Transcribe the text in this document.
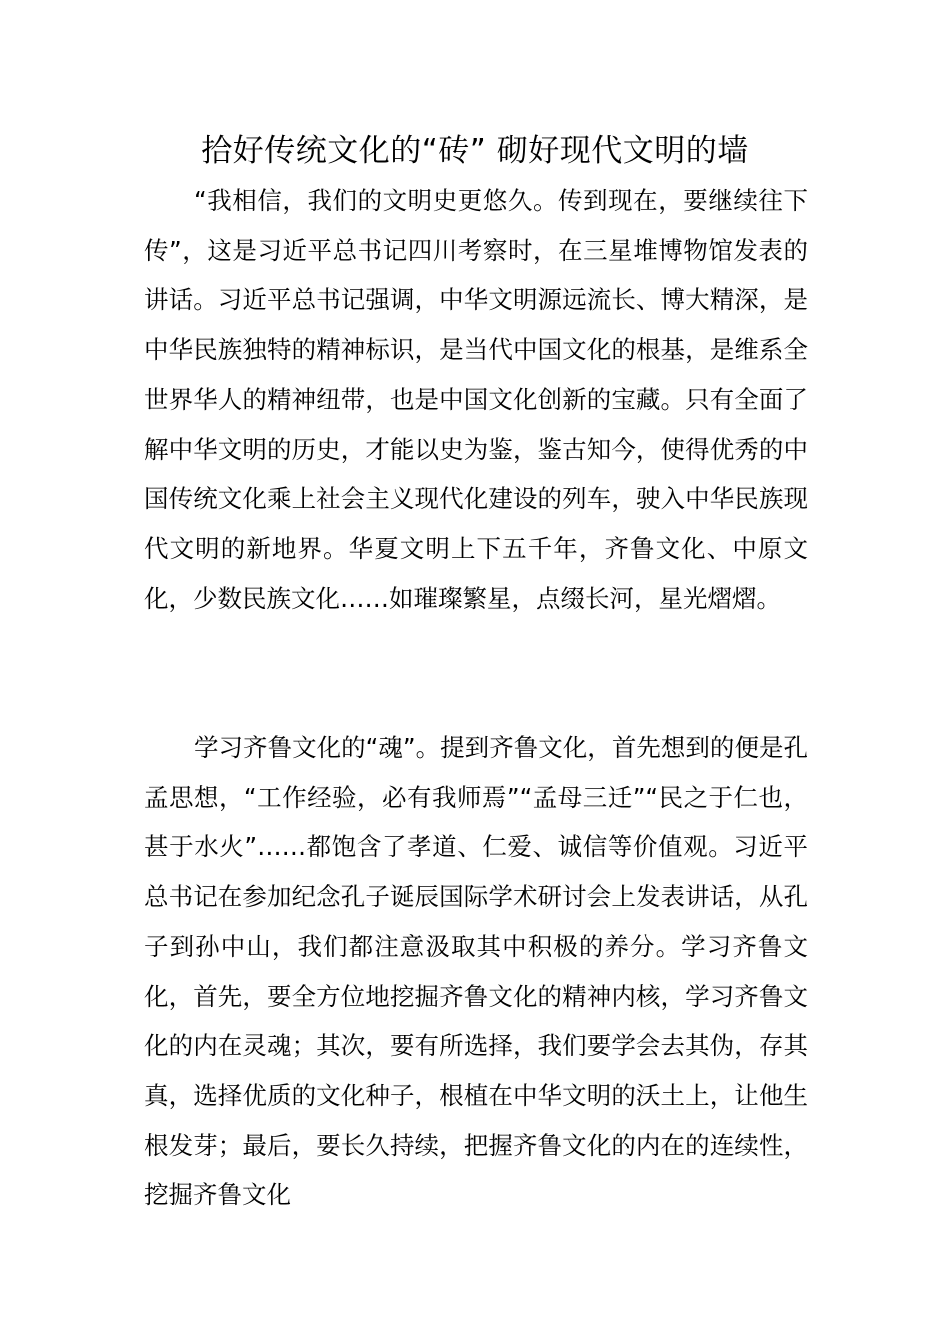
拾好传统文化的“砖” 砌好现代文明的墙

“我相信，我们的文明史更悠久。传到现在，要继续往下传”，这是习近平总书记四川考察时，在三星堆博物馆发表的讲话。习近平总书记强调，中华文明源远流长、博大精深，是中华民族独特的精神标识，是当代中国文化的根基，是维系全世界华人的精神纽带，也是中国文化创新的宝藏。只有全面了解中华文明的历史，才能以史为鉴，鉴古知今，使得优秀的中国传统文化乘上社会主义现代化建设的列车，驶入中华民族现代文明的新地界。华夏文明上下五千年，齐鲁文化、中原文化，少数民族文化……如璀璨繁星，点缀长河，星光熠熠。

学习齐鲁文化的“魂”。提到齐鲁文化，首先想到的便是孔孟思想，“工作经验，必有我师焉”“孟母三迁”“民之于仁也，甚于水火”……都饱含了孝道、仁爱、诚信等价值观。习近平总书记在参加纪念孔子诞辰国际学术研讨会上发表讲话，从孔子到孙中山，我们都注意汲取其中积极的养分。学习齐鲁文化，首先，要全方位地挖掘齐鲁文化的精神内核，学习齐鲁文化的内在灵魂；其次，要有所选择，我们要学会去其伪，存其真，选择优质的文化种子，根植在中华文明的沃土上，让他生根发芽；最后，要长久持续，把握齐鲁文化的内在的连续性，挖掘齐鲁文化
